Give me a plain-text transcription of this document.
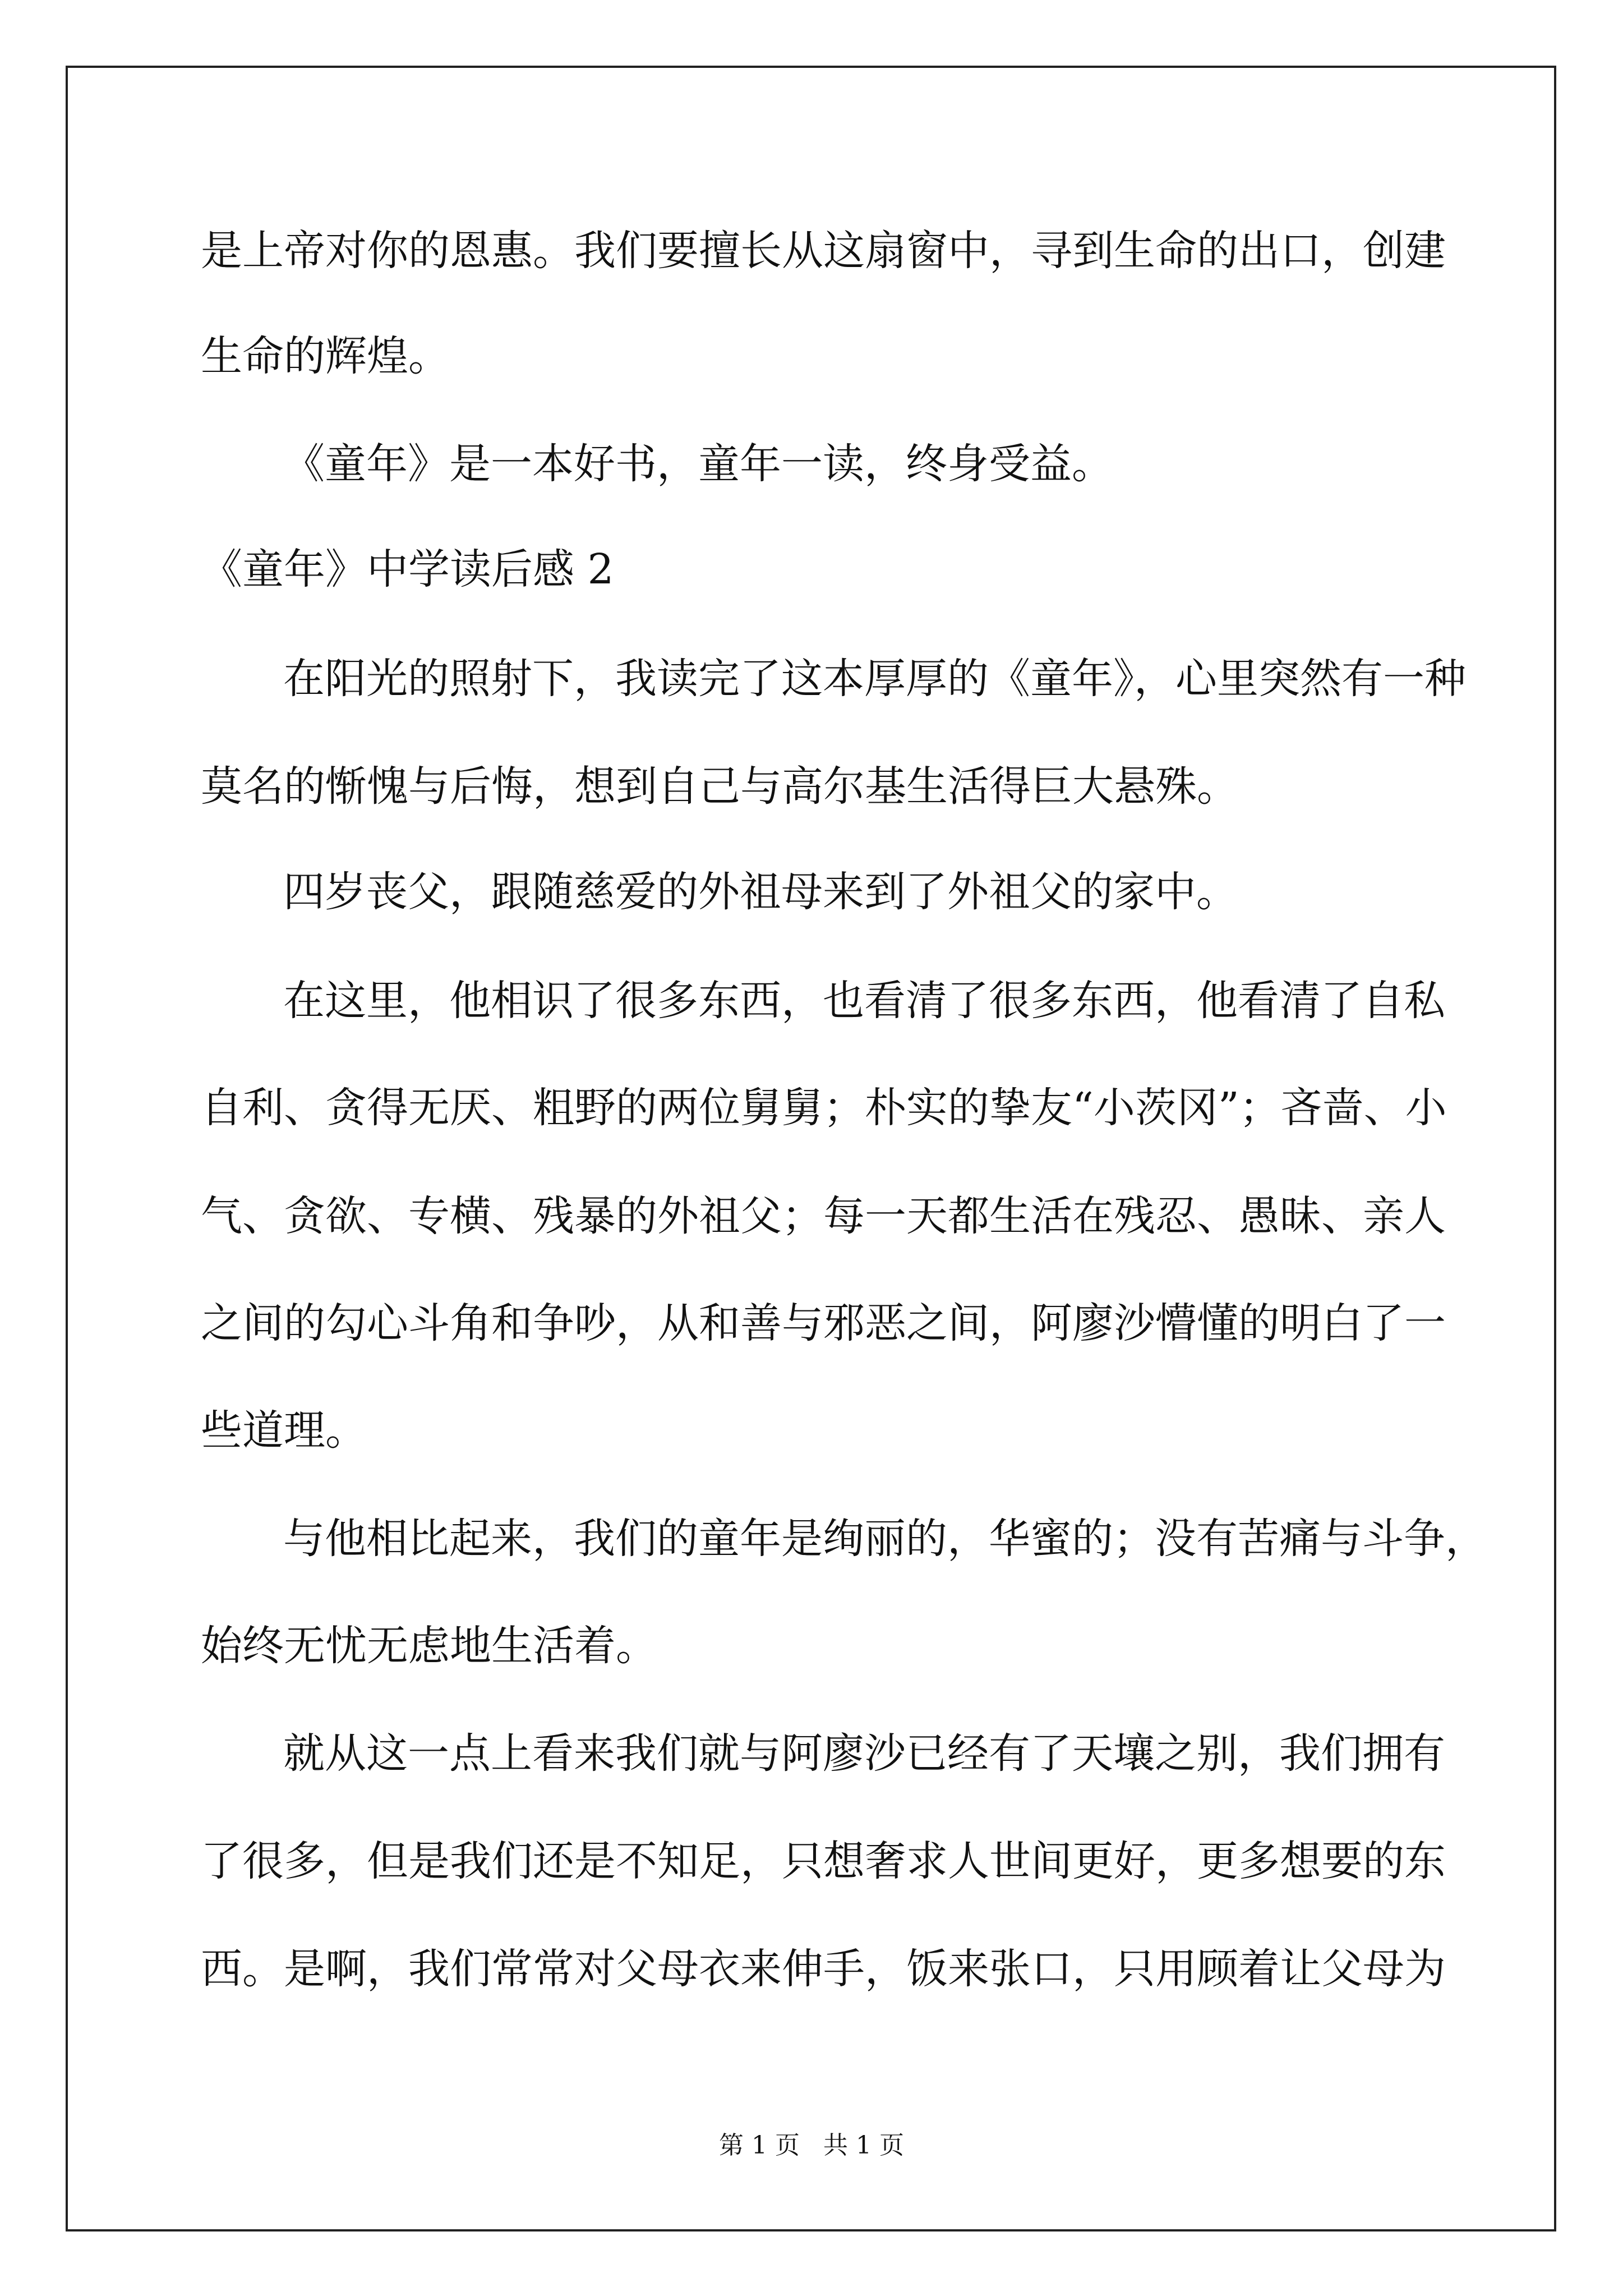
是上帝对你的恩惠。我们要擅长从这扇窗中，寻到生命的出口，创建
生命的辉煌。
《童年》是一本好书，童年一读，终身受益。
《童年》中学读后感 2
在阳光的照射下，我读完了这本厚厚的《童年》，心里突然有一种
莫名的惭愧与后悔，想到自己与高尔基生活得巨大悬殊。
四岁丧父，跟随慈爱的外祖母来到了外祖父的家中。
在这里，他相识了很多东西，也看清了很多东西，他看清了自私
自利、贪得无厌、粗野的两位舅舅；朴实的挚友“小茨冈”；吝啬、小
气、贪欲、专横、残暴的外祖父；每一天都生活在残忍、愚昧、亲人
之间的勾心斗角和争吵，从和善与邪恶之间，阿廖沙懵懂的明白了一
些道理。
与他相比起来，我们的童年是绚丽的，华蜜的；没有苦痛与斗争，
始终无忧无虑地生活着。
就从这一点上看来我们就与阿廖沙已经有了天壤之别，我们拥有
了很多，但是我们还是不知足，只想奢求人世间更好，更多想要的东
西。是啊，我们常常对父母衣来伸手，饭来张口，只用顾着让父母为
第 1 页   共 1 页
